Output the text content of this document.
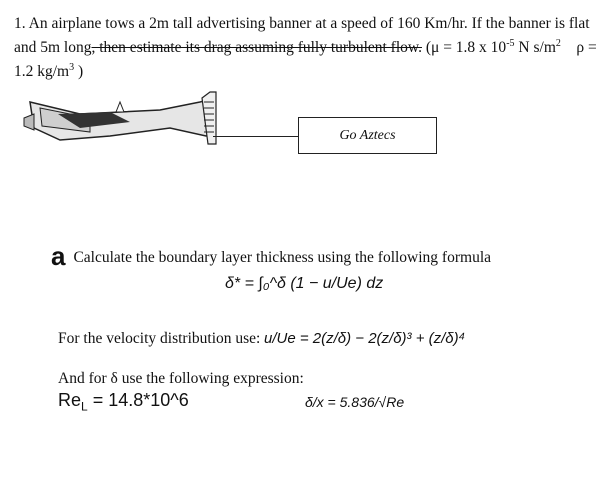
1. An airplane tows a 2m tall advertising banner at a speed of 160 Km/hr. If the banner is flat and 5m long, then estimate its drag assuming fully turbulent flow. (μ = 1.8 x $10^{-5}$ N $s/m^2$ ρ = 1.2 $kg/m^3$ )
Go Aztecs
a Calculate the boundary layer thickness using the following formula
δ* = ∫₀^δ (1 − u/Ue) dz
For the velocity distribution use: u/Ue = 2(z/δ) − 2(z/δ)³ + (z/δ)⁴
And for δ use the following expression:
δ/x = 5.836/√Re
$Re_L$ = 14.8*10^6
